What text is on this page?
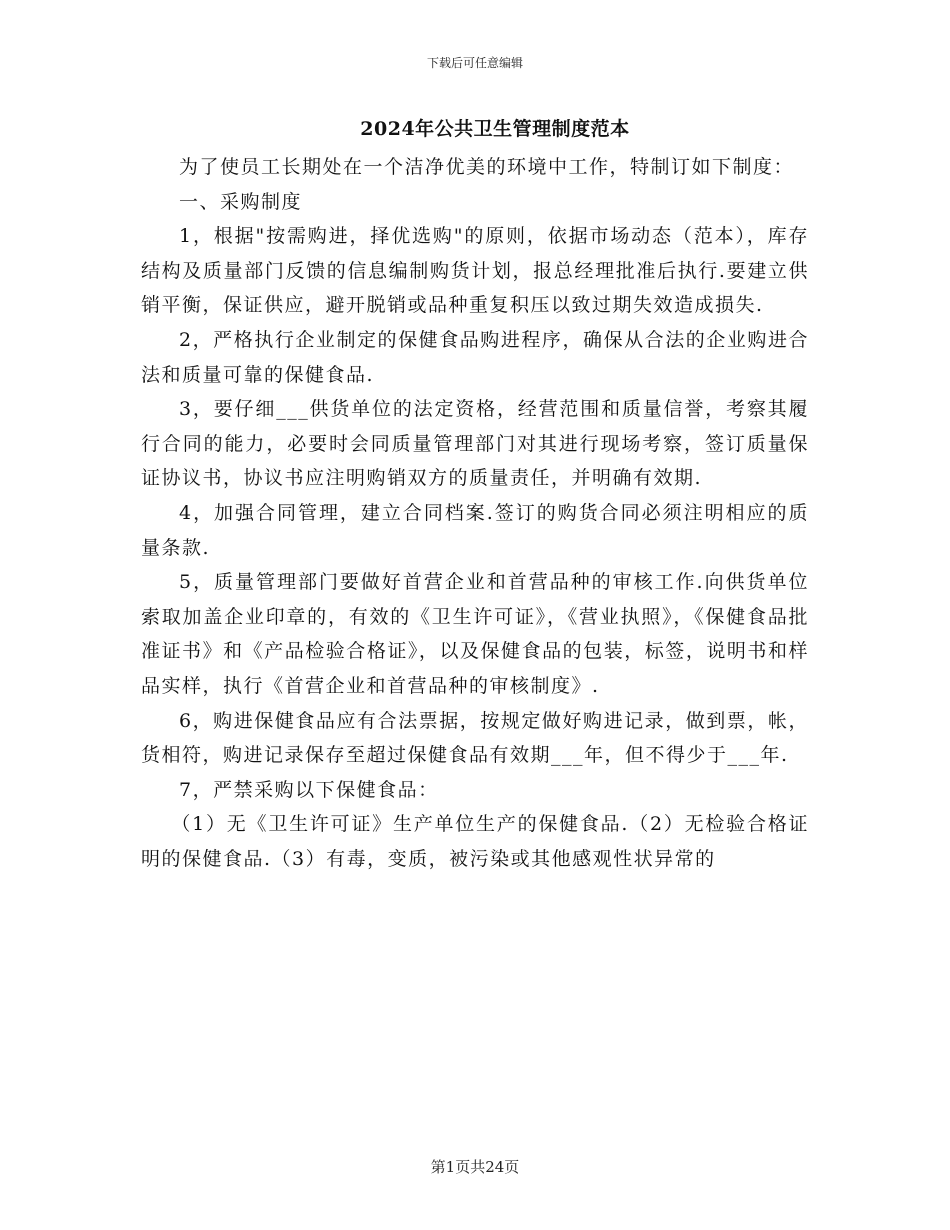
下载后可任意编辑
2024年公共卫生管理制度范本

为了使员工长期处在一个洁净优美的环境中工作，特制订如下制度：

一、采购制度

1，根据"按需购进，择优选购"的原则，依据市场动态（范本），库存结构及质量部门反馈的信息编制购货计划，报总经理批准后执行.要建立供销平衡，保证供应，避开脱销或品种重复积压以致过期失效造成损失.

2，严格执行企业制定的保健食品购进程序，确保从合法的企业购进合法和质量可靠的保健食品.

3，要仔细___供货单位的法定资格，经营范围和质量信誉，考察其履行合同的能力，必要时会同质量管理部门对其进行现场考察，签订质量保证协议书，协议书应注明购销双方的质量责任，并明确有效期.

4，加强合同管理，建立合同档案.签订的购货合同必须注明相应的质量条款.

5，质量管理部门要做好首营企业和首营品种的审核工作.向供货单位索取加盖企业印章的，有效的《卫生许可证》，《营业执照》，《保健食品批准证书》和《产品检验合格证》，以及保健食品的包装，标签，说明书和样品实样，执行《首营企业和首营品种的审核制度》.

6，购进保健食品应有合法票据，按规定做好购进记录，做到票，帐，货相符，购进记录保存至超过保健食品有效期___年，但不得少于___年.

7，严禁采购以下保健食品：

（1）无《卫生许可证》生产单位生产的保健食品.（2）无检验合格证明的保健食品.（3）有毒，变质，被污染或其他感观性状异常的

第1页共24页
